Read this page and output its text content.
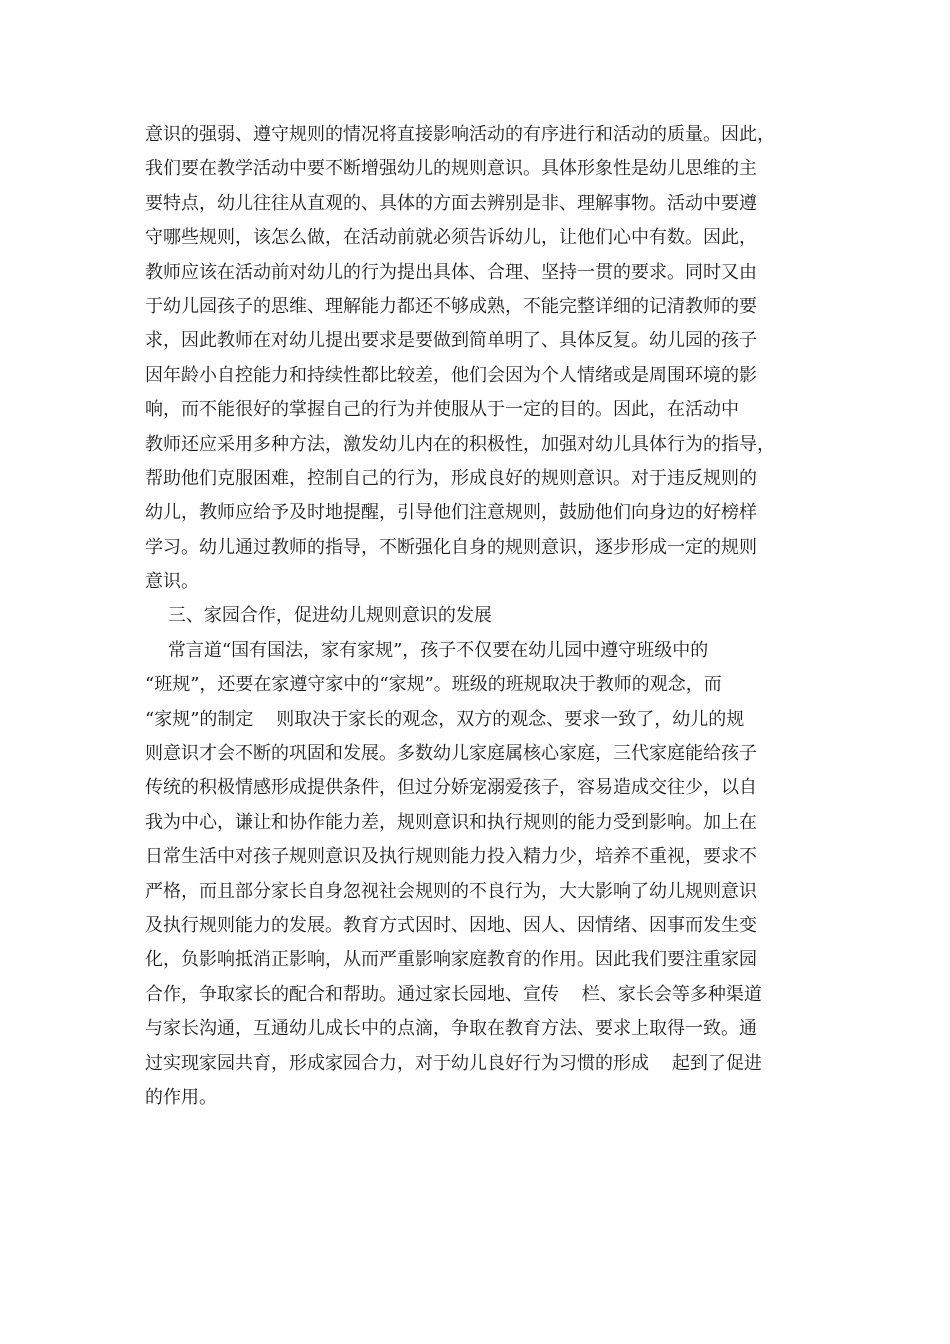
意识的强弱、遵守规则的情况将直接影响活动的有序进行和活动的质量。因此，
我们要在教学活动中要不断增强幼儿的规则意识。具体形象性是幼儿思维的主
要特点，幼儿往往从直观的、具体的方面去辨别是非、理解事物。活动中要遵
守哪些规则，该怎么做，在活动前就必须告诉幼儿，让他们心中有数。因此，
教师应该在活动前对幼儿的行为提出具体、合理、坚持一贯的要求。同时又由
于幼儿园孩子的思维、理解能力都还不够成熟，不能完整详细的记清教师的要
求，因此教师在对幼儿提出要求是要做到简单明了、具体反复。幼儿园的孩子
因年龄小自控能力和持续性都比较差，他们会因为个人情绪或是周围环境的影
响，而不能很好的掌握自己的行为并使服从于一定的目的。因此，在活动中
教师还应采用多种方法，激发幼儿内在的积极性，加强对幼儿具体行为的指导，
帮助他们克服困难，控制自己的行为，形成良好的规则意识。对于违反规则的
幼儿，教师应给予及时地提醒，引导他们注意规则，鼓励他们向身边的好榜样
学习。幼儿通过教师的指导，不断强化自身的规则意识，逐步形成一定的规则
意识。
三、家园合作，促进幼儿规则意识的发展
常言道“国有国法，家有家规”，孩子不仅要在幼儿园中遵守班级中的
“班规”，还要在家遵守家中的“家规”。班级的班规取决于教师的观念，而
“家规”的制定    则取决于家长的观念，双方的观念、要求一致了，幼儿的规
则意识才会不断的巩固和发展。多数幼儿家庭属核心家庭，三代家庭能给孩子
传统的积极情感形成提供条件，但过分娇宠溺爱孩子，容易造成交往少，以自
我为中心，谦让和协作能力差，规则意识和执行规则的能力受到影响。加上在
日常生活中对孩子规则意识及执行规则能力投入精力少，培养不重视，要求不
严格，而且部分家长自身忽视社会规则的不良行为，大大影响了幼儿规则意识
及执行规则能力的发展。教育方式因时、因地、因人、因情绪、因事而发生变
化，负影响抵消正影响，从而严重影响家庭教育的作用。因此我们要注重家园
合作，争取家长的配合和帮助。通过家长园地、宣传    栏、家长会等多种渠道
与家长沟通，互通幼儿成长中的点滴，争取在教育方法、要求上取得一致。通
过实现家园共育，形成家园合力，对于幼儿良好行为习惯的形成    起到了促进
的作用。
